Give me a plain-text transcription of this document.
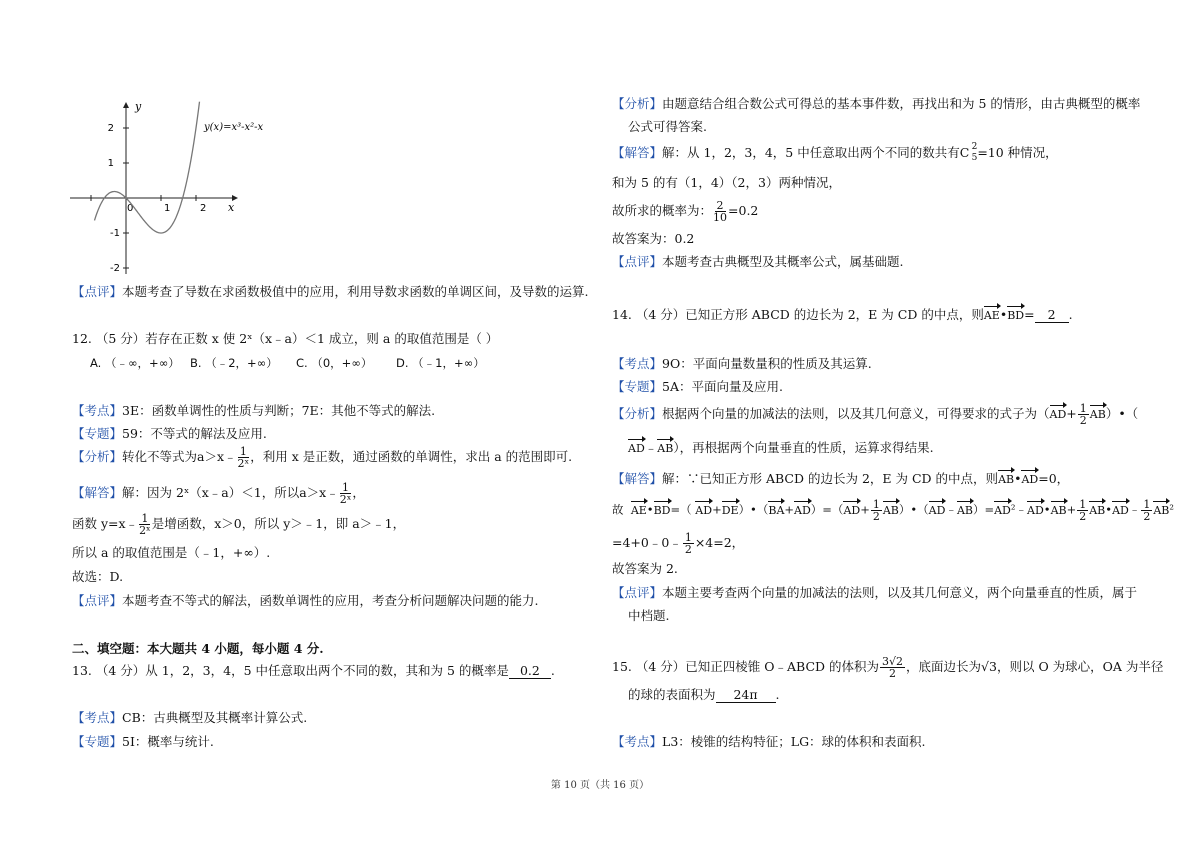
2
1
-1
-2
0	1	2 x
y
y(x)=x³-x²-x
【点评】本题考查了导数在求函数极值中的应用，利用导数求函数的单调区间，及导数的运算.
12. （5 分）若存在正数 x 使 2ˣ（x﹣a）＜1 成立，则 a 的取值范围是（ ）
A. （﹣∞，+∞） B. （﹣2，+∞） C. （0，+∞） D. （﹣1，+∞）
【考点】3E：函数单调性的性质与判断；7E：其他不等式的解法.
【专题】59：不等式的解法及应用.
【分析】转化不等式为a＞x﹣ $\frac{1}{\text{2ˣ}}$ ，利用 x 是正数，通过函数的单调性，求出 a 的范围即可.
【解答】解：因为 2ˣ（x﹣a）＜1，所以a＞x﹣ $\frac{1}{\text{2ˣ}}$ ，
函数 y=x﹣ $\frac{1}{\text{2ˣ}}$ 是增函数，x＞0，所以 y＞﹣1，即 a＞﹣1，
所以 a 的取值范围是（﹣1，+∞）.
故选：D.
【点评】本题考查不等式的解法，函数单调性的应用，考查分析问题解决问题的能力.
二、填空题：本大题共 4 小题，每小题 4 分.
13. （4 分）从 1，2，3，4，5 中任意取出两个不同的数，其和为 5 的概率是 0.2 .
【考点】CB：古典概型及其概率计算公式.
【专题】5I：概率与统计.
【分析】由题意结合组合数公式可得总的基本事件数，再找出和为 5 的情形，由古典概型的概率
公式可得答案.
【解答】解：从 1，2，3，4，5 中任意取出两个不同的数共有C 2
5 =10 种情况，
和为 5 的有（1，4）（2，3）两种情况，
故所求的概率为： $\frac{2}{10} =0.2$
故答案为：0.2
【点评】本题考查古典概型及其概率公式，属基础题.
14. （4 分）已知正方形 ABCD 的边长为 2，E 为 CD 的中点，则AE•BD= 2 .
【考点】9O：平面向量数量积的性质及其运算.
【专题】5A：平面向量及应用.
【分析】根据两个向量的加减法的法则，以及其几何意义，可得要求的式子为（$AD+ \frac{1}{2}$ AB）•（
AD﹣AB），再根据两个向量垂直的性质，运算求得结果.
【解答】解：∵已知正方形 ABCD 的边长为 2，E 为 CD 的中点，则AB•AD=0，
故 AE•BD=（ AD+DE）•（BA+AD）=（AD+ $\frac{1}{2}$ AB）•（AD﹣AB）=AD²﹣AD•AB+ $\frac{1}{2}$ AB•AD﹣ $\frac{1}{2} AB^2$
=4+0﹣0﹣ $\frac{1}{2} \times 4=2$，
故答案为 2.
【点评】本题主要考查两个向量的加减法的法则，以及其几何意义，两个向量垂直的性质，属于
中档题.
15. （4 分）已知正四棱锥 O﹣ABCD 的体积为 $\frac{3√2}{2}$ ，底面边长为√3，则以 O 为球心，OA 为半径
的球的表面积为 24π .
【考点】L3：棱锥的结构特征；LG：球的体积和表面积.
第 10 页（共 16 页）
